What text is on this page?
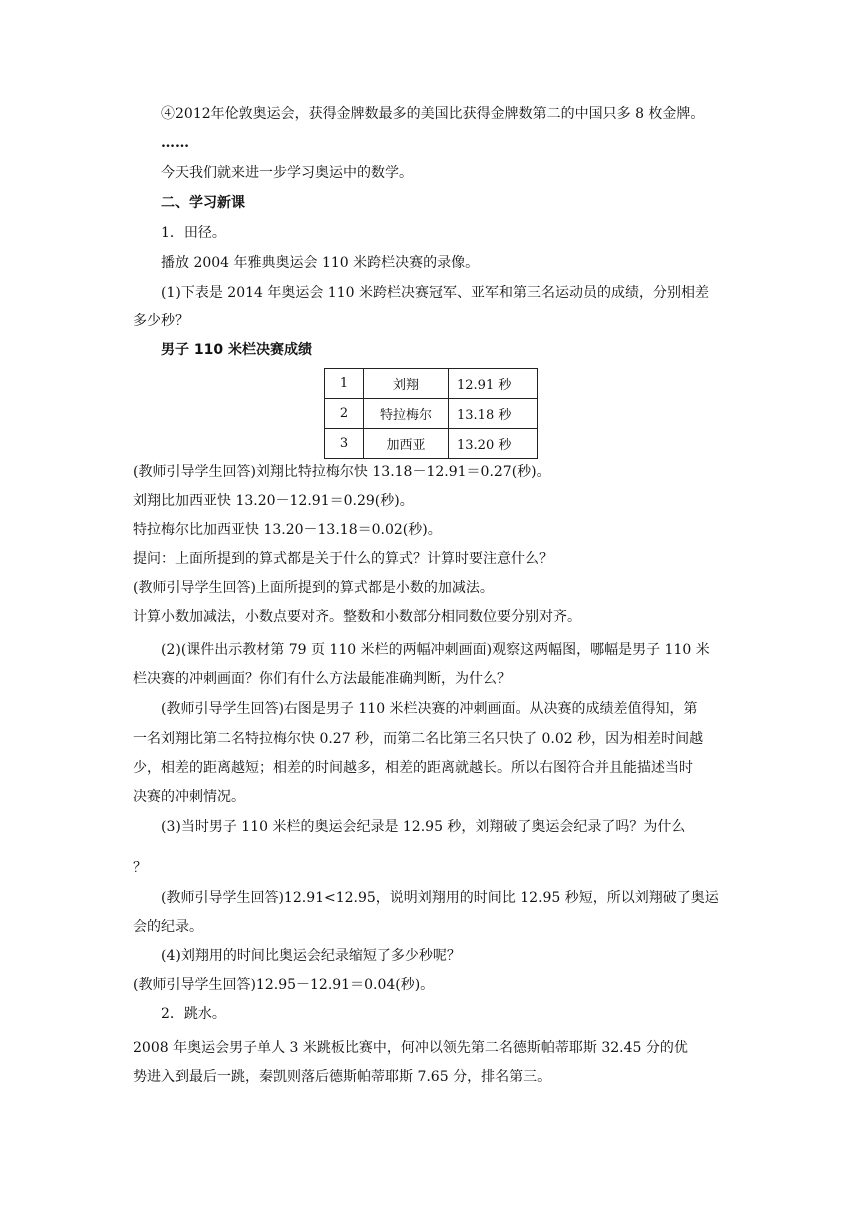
④2012年伦敦奥运会，获得金牌数最多的美国比获得金牌数第二的中国只多 8 枚金牌。
……
今天我们就来进一步学习奥运中的数学。
二、学习新课
1．田径。
播放 2004 年雅典奥运会 110 米跨栏决赛的录像。
(1)下表是 2014 年奥运会 110 米跨栏决赛冠军、亚军和第三名运动员的成绩，分别相差
多少秒？
男子 110 米栏决赛成绩
1	刘翔	12.91 秒
2	特拉梅尔	13.18 秒
3	加西亚	13.20 秒
(教师引导学生回答)刘翔比特拉梅尔快 13.18－12.91＝0.27(秒)。
刘翔比加西亚快 13.20－12.91＝0.29(秒)。
特拉梅尔比加西亚快 13.20－13.18＝0.02(秒)。
提问：上面所提到的算式都是关于什么的算式？计算时要注意什么？
(教师引导学生回答)上面所提到的算式都是小数的加减法。
计算小数加减法，小数点要对齐。整数和小数部分相同数位要分别对齐。
(2)(课件出示教材第 79 页 110 米栏的两幅冲刺画面)观察这两幅图，哪幅是男子 110 米
栏决赛的冲刺画面？你们有什么方法最能准确判断，为什么？
(教师引导学生回答)右图是男子 110 米栏决赛的冲刺画面。从决赛的成绩差值得知，第
一名刘翔比第二名特拉梅尔快 0.27 秒，而第二名比第三名只快了 0.02 秒，因为相差时间越
少，相差的距离越短；相差的时间越多，相差的距离就越长。所以右图符合并且能描述当时
决赛的冲刺情况。
(3)当时男子 110 米栏的奥运会纪录是 12.95 秒，刘翔破了奥运会纪录了吗？为什么
？
(教师引导学生回答)12.91<12.95，说明刘翔用的时间比 12.95 秒短，所以刘翔破了奥运
会的纪录。
(4)刘翔用的时间比奥运会纪录缩短了多少秒呢？
(教师引导学生回答)12.95－12.91＝0.04(秒)。
2．跳水。
2008 年奥运会男子单人 3 米跳板比赛中，何冲以领先第二名德斯帕蒂耶斯 32.45 分的优
势进入到最后一跳，秦凯则落后德斯帕蒂耶斯 7.65 分，排名第三。
